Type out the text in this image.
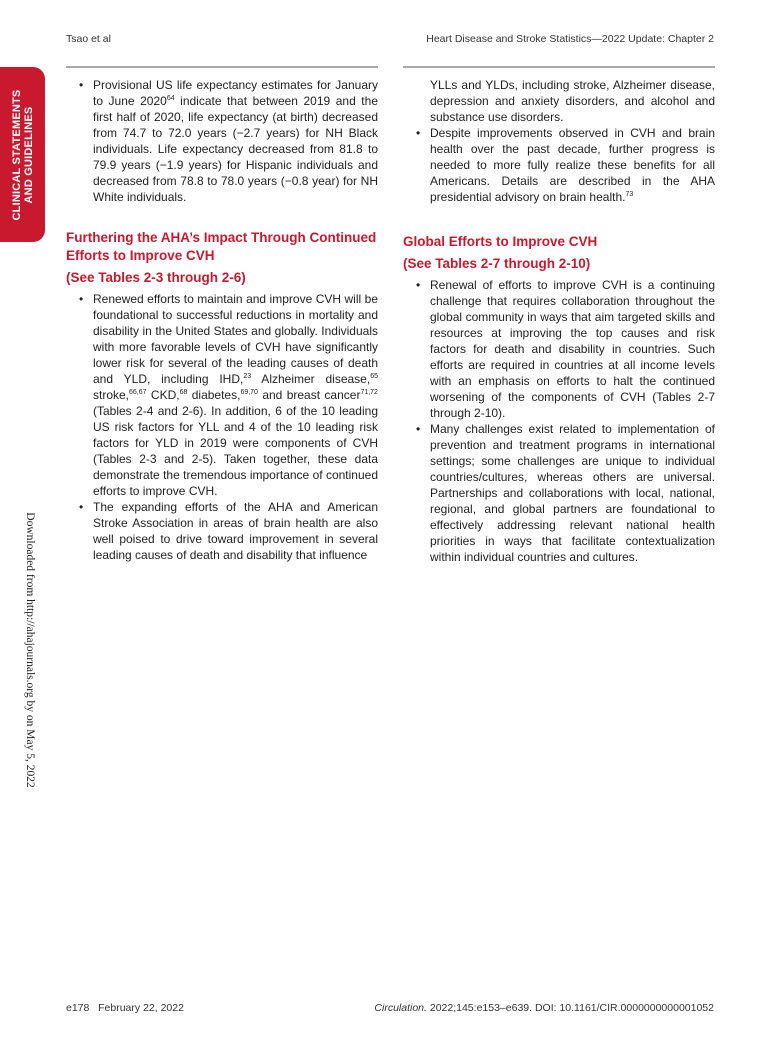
Tsao et al	Heart Disease and Stroke Statistics—2022 Update: Chapter 2
CLINICAL STATEMENTS AND GUIDELINES
Downloaded from http://ahajournals.org by on May 5, 2022
• Provisional US life expectancy estimates for January to June 2020$^{64}$ indicate that between 2019 and the first half of 2020, life expectancy (at birth) decreased from 74.7 to 72.0 years (−2.7 years) for NH Black individuals. Life expectancy decreased from 81.8 to 79.9 years (−1.9 years) for Hispanic individuals and decreased from 78.8 to 78.0 years (−0.8 year) for NH White individuals.
Furthering the AHA’s Impact Through Continued Efforts to Improve CVH
(See Tables 2-3 through 2-6)
• Renewed efforts to maintain and improve CVH will be foundational to successful reductions in mortality and disability in the United States and globally. Individuals with more favorable levels of CVH have significantly lower risk for several of the leading causes of death and YLD, including IHD,$^{23}$ Alzheimer disease,$^{65}$ stroke,$^{66,67}$ CKD,$^{68}$ diabetes,$^{69,70}$ and breast cancer$^{71,72}$ (Tables 2-4 and 2-6). In addition, 6 of the 10 leading US risk factors for YLL and 4 of the 10 leading risk factors for YLD in 2019 were components of CVH (Tables 2-3 and 2-5). Taken together, these data demonstrate the tremendous importance of continued efforts to improve CVH.
• The expanding efforts of the AHA and American Stroke Association in areas of brain health are also well poised to drive toward improvement in several leading causes of death and disability that influence
YLLs and YLDs, including stroke, Alzheimer disease, depression and anxiety disorders, and alcohol and substance use disorders.
• Despite improvements observed in CVH and brain health over the past decade, further progress is needed to more fully realize these benefits for all Americans. Details are described in the AHA presidential advisory on brain health.$^{73}$
Global Efforts to Improve CVH
(See Tables 2-7 through 2-10)
• Renewal of efforts to improve CVH is a continuing challenge that requires collaboration throughout the global community in ways that aim targeted skills and resources at improving the top causes and risk factors for death and disability in countries. Such efforts are required in countries at all income levels with an emphasis on efforts to halt the continued worsening of the components of CVH (Tables 2-7 through 2-10).
• Many challenges exist related to implementation of prevention and treatment programs in international settings; some challenges are unique to individual countries/cultures, whereas others are universal. Partnerships and collaborations with local, national, regional, and global partners are foundational to effectively addressing relevant national health priorities in ways that facilitate contextualization within individual countries and cultures.
e178 February 22, 2022	Circulation. 2022;145:e153–e639. DOI: 10.1161/CIR.0000000000001052
